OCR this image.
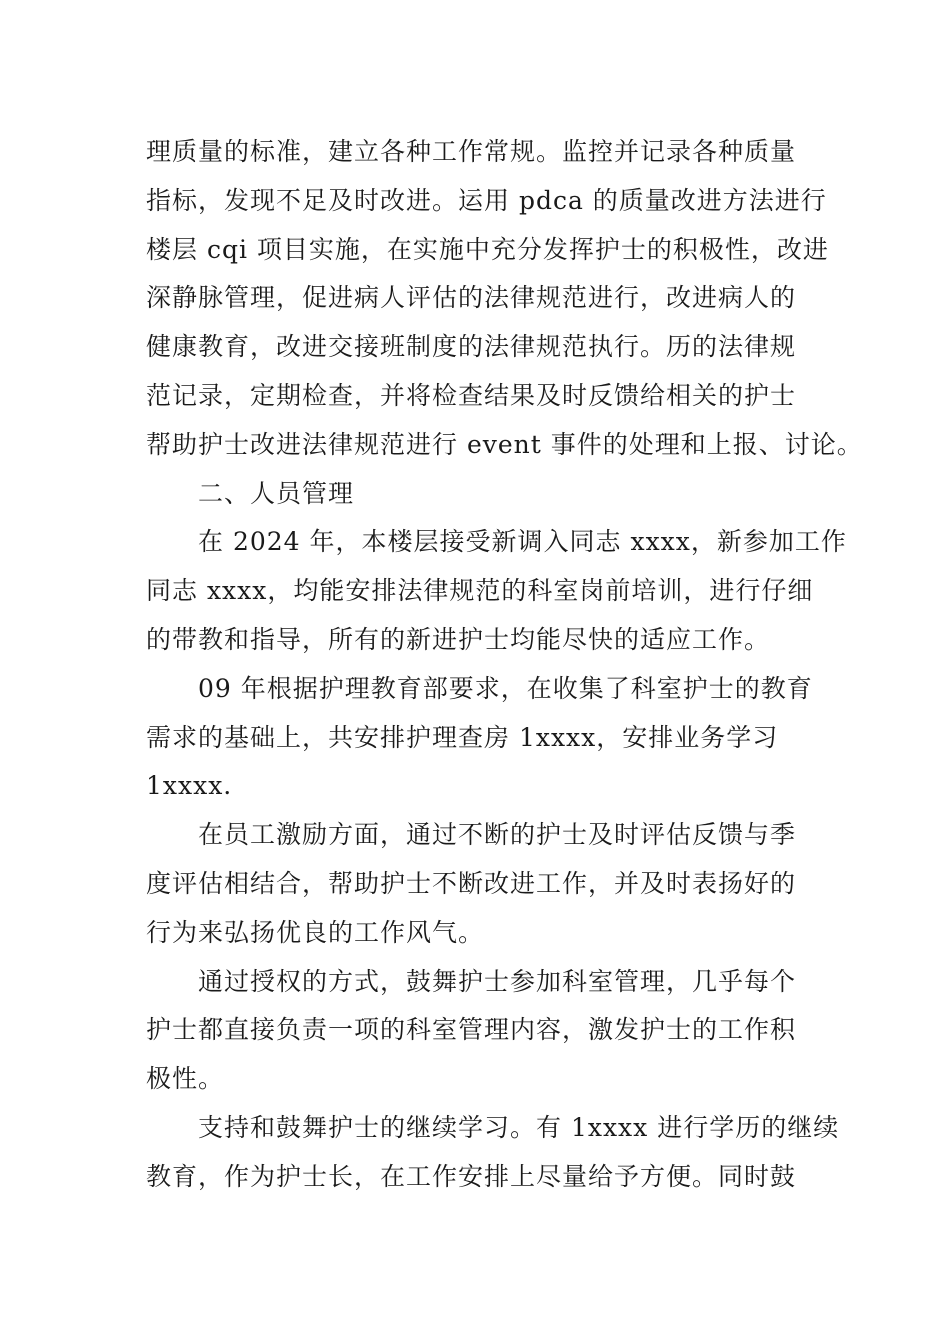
理质量的标准，建立各种工作常规。监控并记录各种质量
指标，发现不足及时改进。运用 pdca 的质量改进方法进行
楼层 cqi 项目实施，在实施中充分发挥护士的积极性，改进
深静脉管理，促进病人评估的法律规范进行，改进病人的
健康教育，改进交接班制度的法律规范执行。历的法律规
范记录，定期检查，并将检查结果及时反馈给相关的护士
帮助护士改进法律规范进行 event 事件的处理和上报、讨论。
二、人员管理
在 2024 年，本楼层接受新调入同志 xxxx，新参加工作
同志 xxxx，均能安排法律规范的科室岗前培训，进行仔细
的带教和指导，所有的新进护士均能尽快的适应工作。
09 年根据护理教育部要求，在收集了科室护士的教育
需求的基础上，共安排护理查房 1xxxx，安排业务学习
1xxxx.
在员工激励方面，通过不断的护士及时评估反馈与季
度评估相结合，帮助护士不断改进工作，并及时表扬好的
行为来弘扬优良的工作风气。
通过授权的方式，鼓舞护士参加科室管理，几乎每个
护士都直接负责一项的科室管理内容，激发护士的工作积
极性。
支持和鼓舞护士的继续学习。有 1xxxx 进行学历的继续
教育，作为护士长，在工作安排上尽量给予方便。同时鼓
